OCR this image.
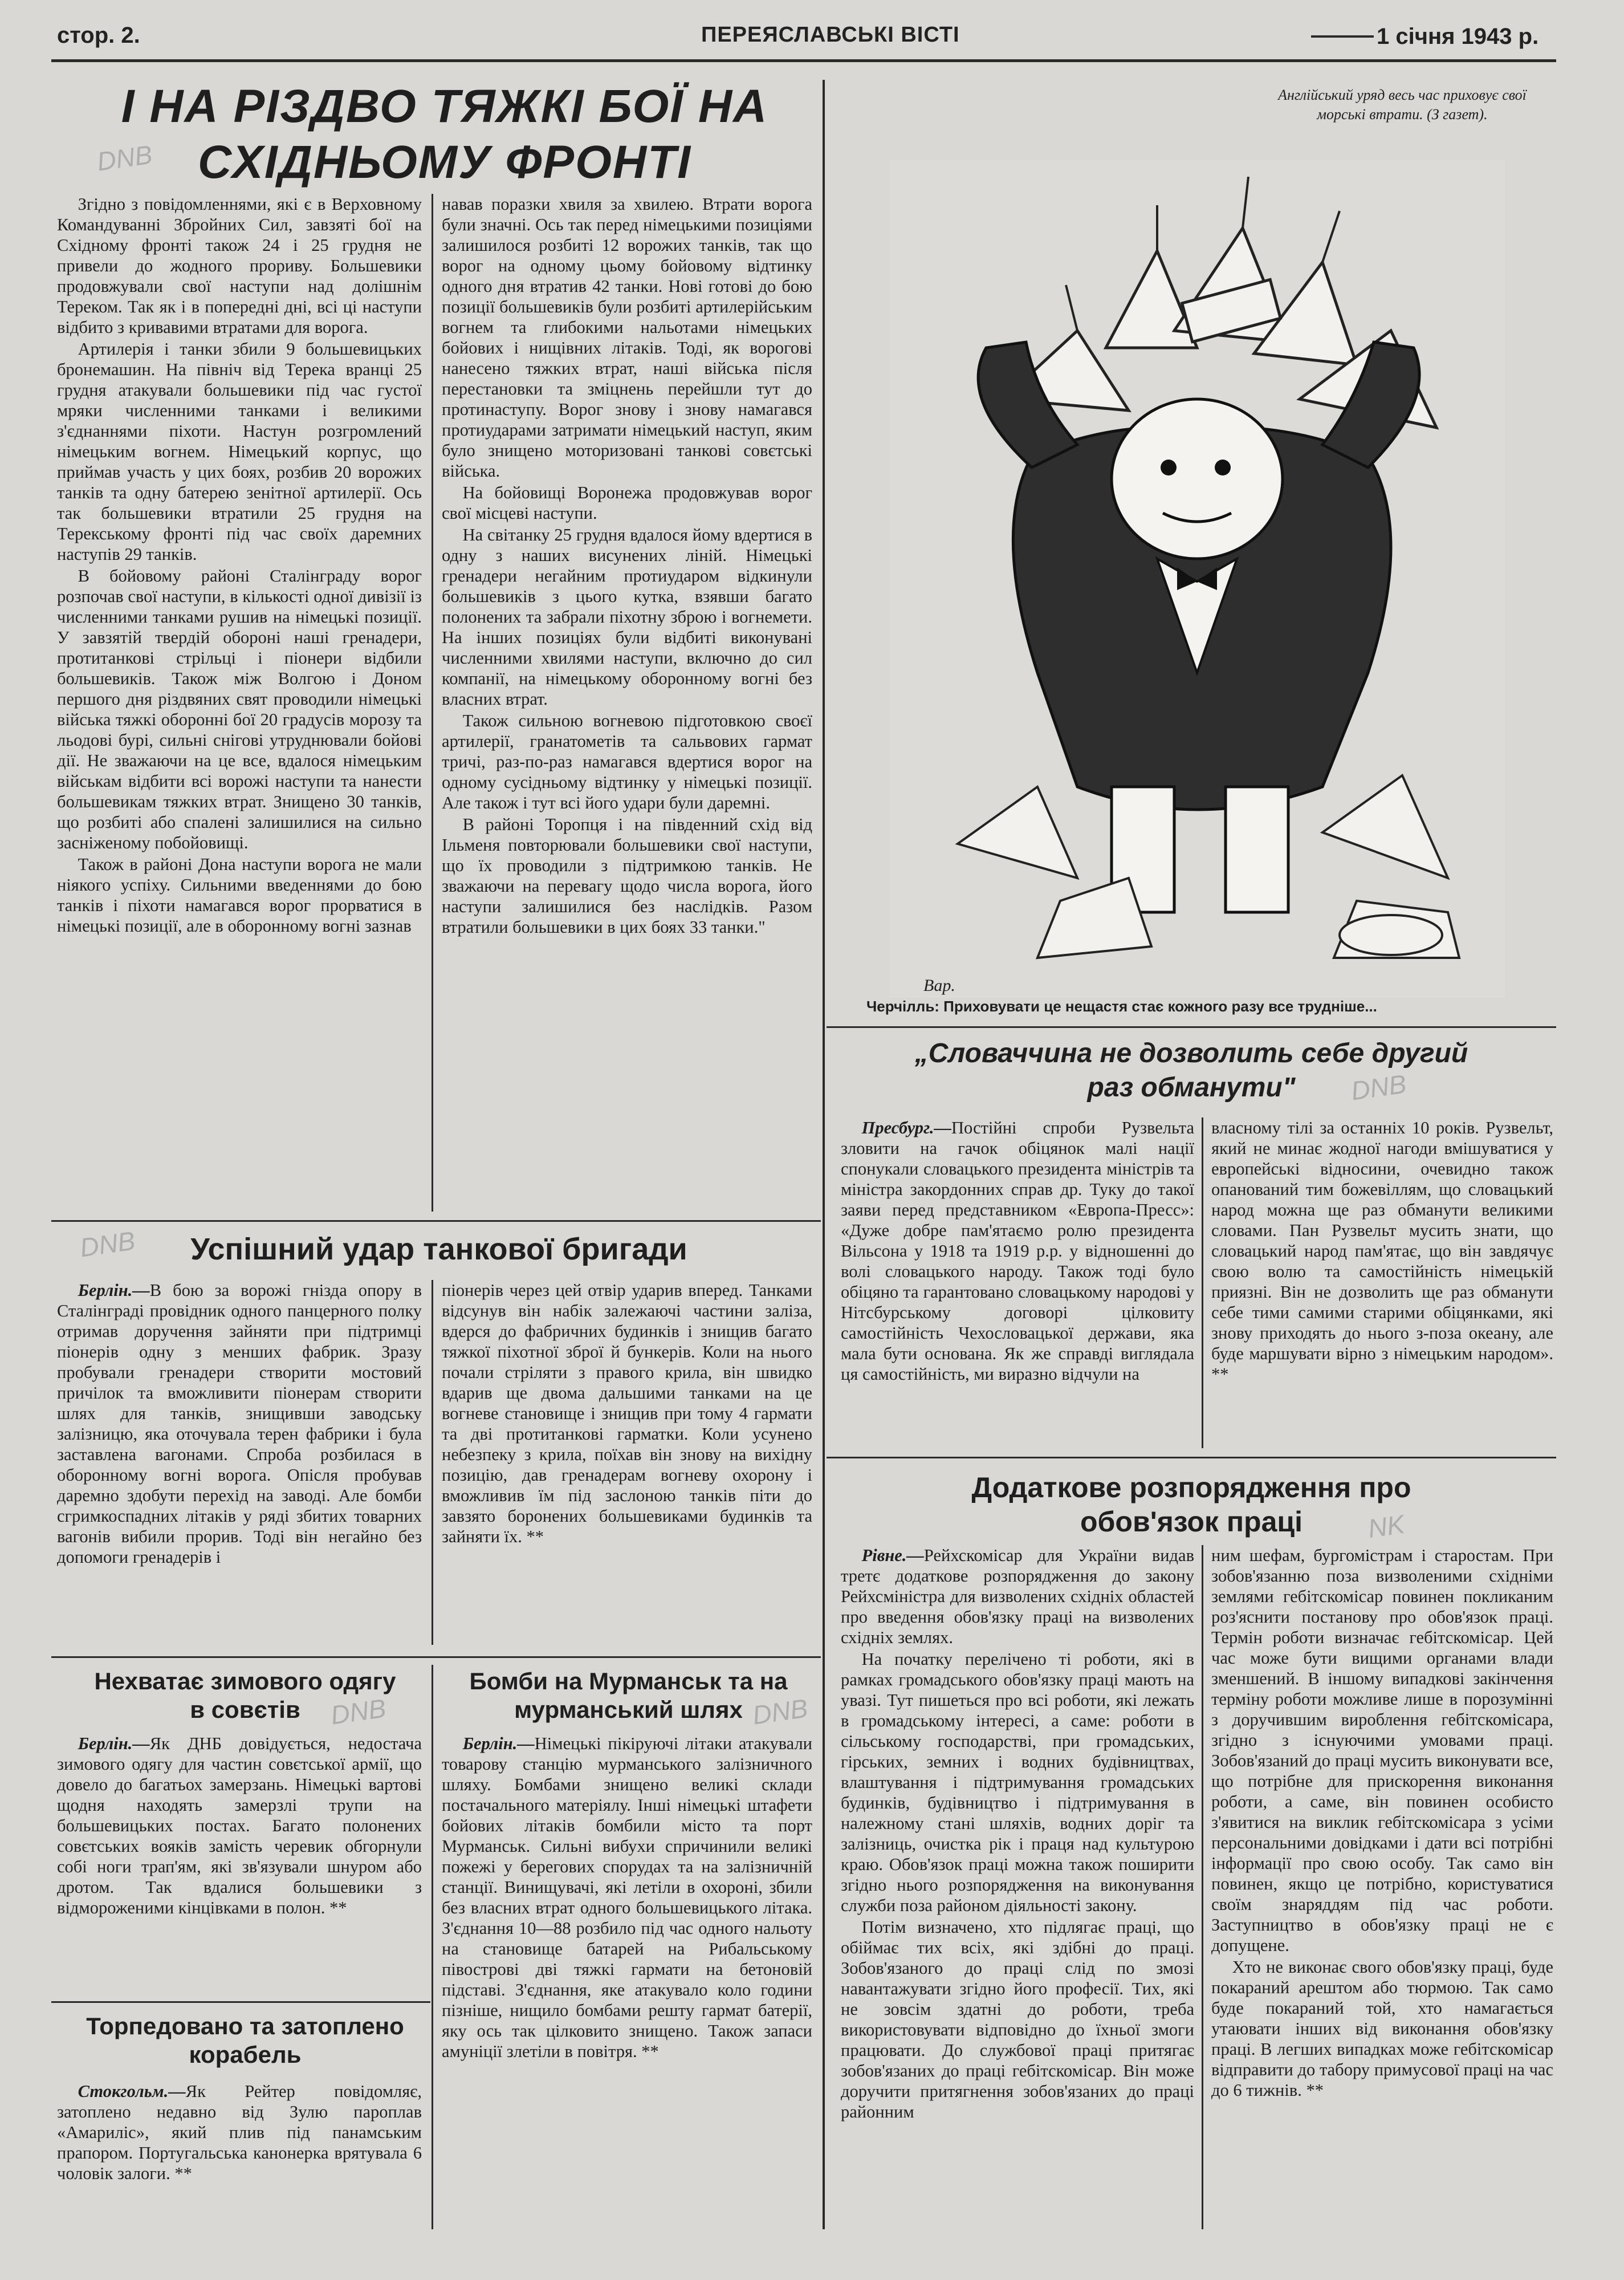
стор. 2.	ПЕРЕЯСЛАВСЬКІ ВІСТІ	1 січня 1943 р.
І НА РІЗДВО ТЯЖКІ БОЇ НА
СХІДНЬОМУ ФРОНТІ

Згідно з повідомленнями, які є в Верховному Командуванні Збройних Сил, завзяті бої на Східному фронті також 24 і 25 грудня не привели до жодного прориву. Большевики продовжували свої наступи над долішнім Тереком. Так як і в попередні дні, всі ці наступи відбито з кривавими втратами для ворога.

Артилерія і танки збили 9 большевицьких бронемашин. На північ від Терека вранці 25 грудня атакували большевики під час густої мряки численними танками і великими з'єднаннями піхоти. Настун розгромлений німецьким вогнем. Німецький корпус, що приймав участь у цих боях, розбив 20 ворожих танків та одну батерею зенітної артилерії. Ось так большевики втратили 25 грудня на Терекському фронті під час своїх даремних наступів 29 танків.

В бойовому районі Сталінграду ворог розпочав свої наступи, в кількості одної дивізії із численними танками рушив на німецькі позиції. У завзятій твердій обороні наші гренадери, протитанкові стрільці і піонери відбили большевиків. Також між Волгою і Доном першого дня різдвяних свят проводили німецькі війська тяжкі оборонні бої 20 градусів морозу та льодові бурі, сильні снігові утруднювали бойові дії. Не зважаючи на це все, вдалося німецьким військам відбити всі ворожі наступи та нанести большевикам тяжких втрат. Знищено 30 танків, що розбиті або спалені залишилися на сильно засніженому побойовищі.

Також в районі Дона наступи ворога не мали ніякого успіху. Сильними введеннями до бою танків і піхоти намагався ворог прорватися в німецькі позиції, але в оборонному вогні зазнав

навав поразки хвиля за хвилею. Втрати ворога були значні. Ось так перед німецькими позиціями залишилося розбиті 12 ворожих танків, так що ворог на одному цьому бойовому відтинку одного дня втратив 42 танки. Нові готові до бою позиції большевиків були розбиті артилерійським вогнем та глибокими нальотами німецьких бойових і нищівних літаків. Тоді, як ворогові нанесено тяжких втрат, наші війська після перестановки та зміцнень перейшли тут до протинаступу. Ворог знову і знову намагався протиударами затримати німецький наступ, яким було знищено моторизовані танкові совєтські війська.

На бойовищі Воронежа продовжував ворог свої місцеві наступи.

На світанку 25 грудня вдалося йому вдертися в одну з наших висунених ліній. Німецькі гренадери негайним протиударом відкинули большевиків з цього кутка, взявши багато полонених та забрали піхотну зброю і вогнемети. На інших позиціях були відбиті виконувані численними хвилями наступи, включно до сил компанії, на німецькому оборонному вогні без власних втрат.

Також сильною вогневою підготовкою своєї артилерії, гранатометів та сальвових гармат тричі, раз-по-раз намагався вдертися ворог на одному сусідньому відтинку у німецькі позиції. Але також і тут всі його удари були даремні.

В районі Торопця і на південний схід від Ільменя повторювали большевики свої наступи, що їх проводили з підтримкою танків. Не зважаючи на перевагу щодо числа ворога, його наступи залишилися без наслідків. Разом втратили большевики в цих боях 33 танки."

Англійський уряд весь час приховує свої морські втрати. (З газет).
Вар.
Черчілль: Приховувати це нещастя стає кожного разу все трудніше...
„Словаччина не дозволить себе другий
раз обманути"

Пресбург.—Постійні спроби Рузвельта зловити на гачок обіцянок малі нації спонукали словацького президента міністрів та міністра закордонних справ др. Туку до такої заяви перед представником «Европа-Пресс»: «Дуже добре пам'ятаємо ролю президента Вільсона у 1918 та 1919 р.р. у відношенні до волі словацького народу. Також тоді було обіцяно та гарантовано словацькому народові у Нітсбурському договорі цілковиту самостійність Чехословацької держави, яка мала бути основана. Як же справді виглядала ця самостійність, ми виразно відчули на

власному тілі за останніх 10 років. Рузвельт, який не минає жодної нагоди вмішуватися у европейські відносини, очевидно також опанований тим божевіллям, що словацький народ можна ще раз обманути великими словами. Пан Рузвельт мусить знати, що словацький народ пам'ятає, що він завдячує свою волю та самостійність німецькій приязні. Він не дозволить ще раз обманути себе тими самими старими обіцянками, які знову приходять до нього з-поза океану, але буде маршувати вірно з німецьким народом». **

Додаткове розпорядження про
обов'язок праці

Рівне.—Рейхскомісар для України видав третє додаткове розпорядження до закону Рейхсміністра для визволених східніх областей про введення обов'язку праці на визволених східніх землях.

На початку перелічено ті роботи, які в рамках громадського обов'язку праці мають на увазі. Тут пишеться про всі роботи, які лежать в громадському інтересі, а саме: роботи в сільському господарстві, при громадських, гірських, земних і водних будівництвах, влаштування і підтримування громадських будинків, будівництво і підтримування в належному стані шляхів, водних доріг та залізниць, очистка рік і праця над культурою краю. Обов'язок праці можна також поширити згідно нього розпорядження на виконування служби поза районом діяльності закону.

Потім визначено, хто підлягає праці, що обіймає тих всіх, які здібні до праці. Зобов'язаного до праці слід по змозі навантажувати згідно його професії. Тих, які не зовсім здатні до роботи, треба використовувати відповідно до їхньої змоги працювати. До службової праці притягає зобов'язаних до праці гебітскомісар. Він може доручити притягнення зобов'язаних до праці районним

ним шефам, бургомістрам і старостам. При зобов'язанню поза визволеними східніми землями гебітскомісар повинен покликаним роз'яснити постанову про обов'язок праці. Термін роботи визначає гебітскомісар. Цей час може бути вищими органами влади зменшений. В іншому випадкові закінчення терміну роботи можливе лише в порозумінні з доручившим вироблення гебітскомісара, згідно з існуючими умовами праці. Зобов'язаний до праці мусить виконувати все, що потрібне для прискорення виконання роботи, а саме, він повинен особисто з'явитися на виклик гебітскомісара з усіми персональними довідками і дати всі потрібні інформації про свою особу. Так само він повинен, якщо це потрібно, користуватися своїм знаряддям під час роботи. Заступництво в обов'язку праці не є допущене.

Хто не виконає свого обов'язку праці, буде покараний арештом або тюрмою. Так само буде покараний той, хто намагається утаювати інших від виконання обов'язку праці. В легших випадках може гебітскомісар відправити до табору примусової праці на час до 6 тижнів. **

Успішний удар танкової бригади

Берлін.—В бою за ворожі гнізда опору в Сталінграді провідник одного панцерного полку отримав доручення зайняти при підтримці піонерів одну з менших фабрик. Зразу пробували гренадери створити мостовий причілок та вможливити піонерам створити шлях для танків, знищивши заводську залізницю, яка оточувала терен фабрики і була заставлена вагонами. Спроба розбилася в оборонному вогні ворога. Опісля пробував даремно здобути перехід на заводі. Але бомби сгримкоспадних літаків у ряді збитих товарних вагонів вибили прорив. Тоді він негайно без допомоги гренадерів і

піонерів через цей отвір ударив вперед. Танками відсунув він набік залежаючі частини заліза, вдерся до фабричних будинків і знищив багато тяжкої піхотної зброї й бункерів. Коли на нього почали стріляти з правого крила, він швидко вдарив ще двома дальшими танками на це вогневе становище і знищив при тому 4 гармати та дві протитанкові гарматки. Коли усунено небезпеку з крила, поїхав він знову на вихідну позицію, дав гренадерам вогневу охорону і вможливив їм під заслоною танків піти до завзято боронених большевиками будинків та зайняти їх. **

Нехватає зимового одягу
в совєтів

Берлін.—Як ДНБ довідується, недостача зимового одягу для частин совєтської армії, що довело до багатьох замерзань. Німецькі вартові щодня находять замерзлі трупи на большевицьких постах. Багато полонених совєтських вояків замість черевик обгорнули собі ноги трап'ям, які зв'язували шнуром або дротом. Так вдалися большевики з відмороженими кінцівками в полон. **

Торпедовано та затоплено
корабель

Стокгольм.—Як Рейтер повідомляє, затоплено недавно від Зулю пароплав «Амариліс», який плив під панамським прапором. Португальська канонерка врятувала 6 чоловік залоги. **

Бомби на Мурманськ та на
мурманський шлях

Берлін.—Німецькі пікіруючі літаки атакували товарову станцію мурманського залізничного шляху. Бомбами знищено великі склади постачального матеріялу. Інші німецькі штафети бойових літаків бомбили місто та порт Мурманськ. Сильні вибухи спричинили великі пожежі у берегових спорудах та на залізничній станції. Винищувачі, які летіли в охороні, збили без власних втрат одного большевицького літака. З'єднання 10—88 розбило під час одного нальоту на становище батарей на Рибальському півострові дві тяжкі гармати на бетоновій підставі. З'єднання, яке атакувало коло години пізніше, нищило бомбами решту гармат батерії, яку ось так цілковито знищено. Також запаси амуніції злетіли в повітря. **

DNB
DNB
DNB
DNB	DNB
NK
